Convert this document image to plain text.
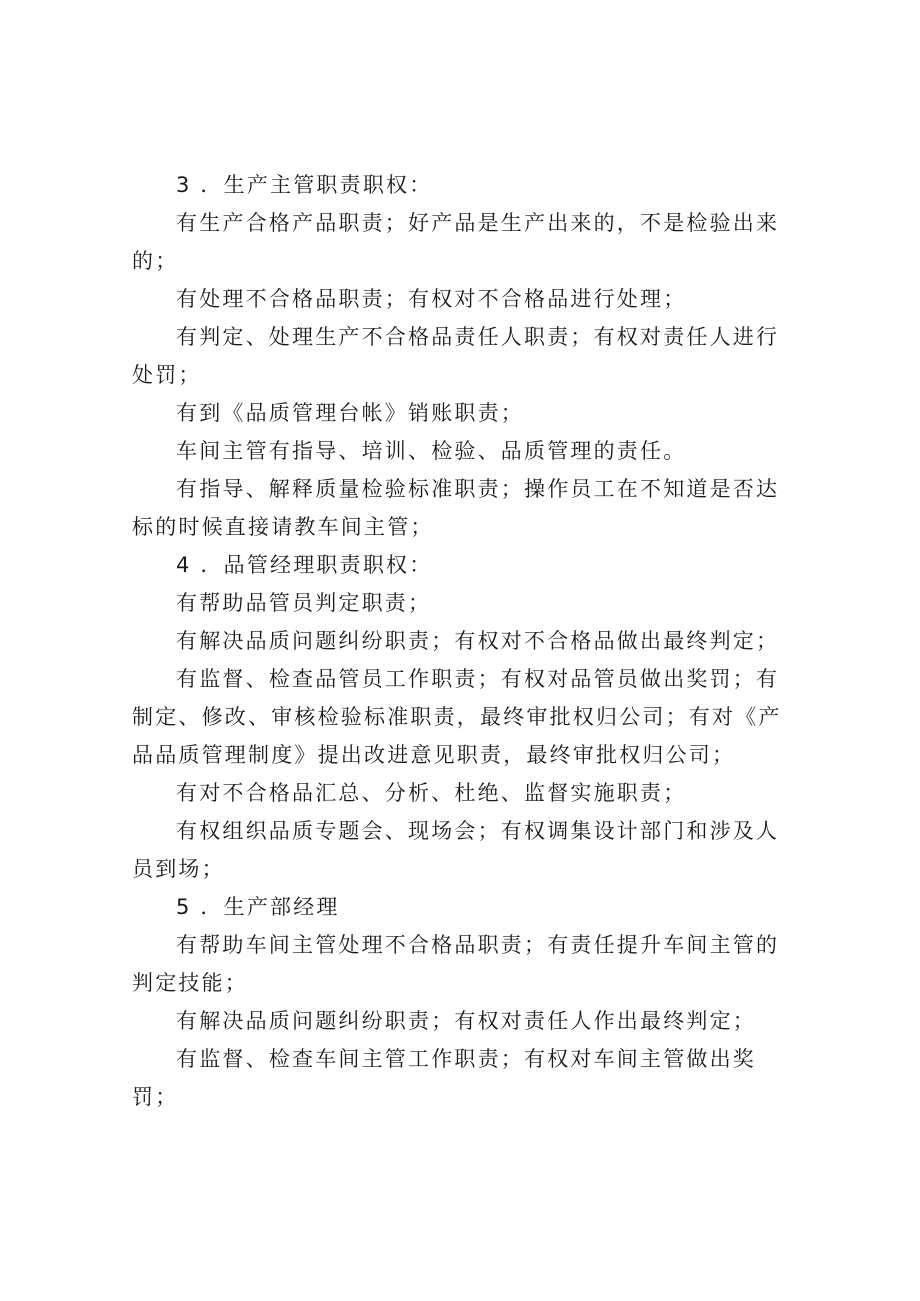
3 ．生产主管职责职权：

有生产合格产品职责；好产品是生产出来的，不是检验出来的；

有处理不合格品职责；有权对不合格品进行处理；

有判定、处理生产不合格品责任人职责；有权对责任人进行处罚；

有到《品质管理台帐》销账职责；

车间主管有指导、培训、检验、品质管理的责任。

有指导、解释质量检验标准职责；操作员工在不知道是否达标的时候直接请教车间主管；

4 ．品管经理职责职权：

有帮助品管员判定职责；

有解决品质问题纠纷职责；有权对不合格品做出最终判定；

有监督、检查品管员工作职责；有权对品管员做出奖罚；有制定、修改、审核检验标准职责，最终审批权归公司；有对《产品品质管理制度》提出改进意见职责，最终审批权归公司；

有对不合格品汇总、分析、杜绝、监督实施职责；

有权组织品质专题会、现场会；有权调集设计部门和涉及人员到场；

5 ．生产部经理

有帮助车间主管处理不合格品职责；有责任提升车间主管的判定技能；

有解决品质问题纠纷职责；有权对责任人作出最终判定；

有监督、检查车间主管工作职责；有权对车间主管做出奖罚；
